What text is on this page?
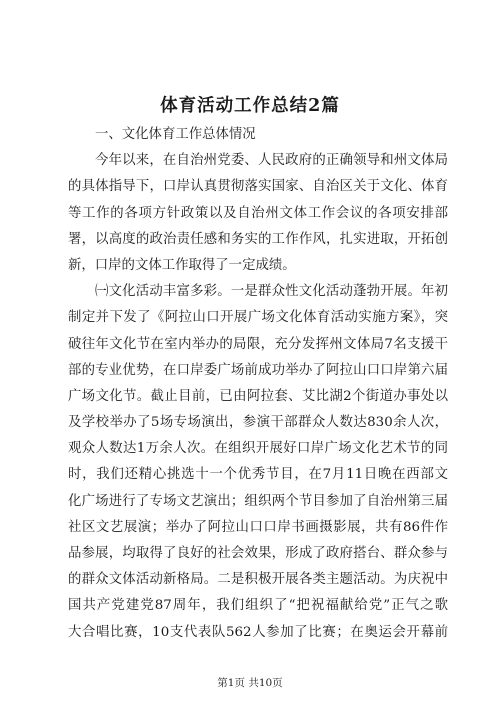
体育活动工作总结2篇
一、文化体育工作总体情况
今年以来，在自治州党委、人民政府的正确领导和州文体局
的具体指导下，口岸认真贯彻落实国家、自治区关于文化、体育
等工作的各项方针政策以及自治州文体工作会议的各项安排部
署，以高度的政治责任感和务实的工作作风，扎实进取，开拓创
新，口岸的文体工作取得了一定成绩。
㈠文化活动丰富多彩。一是群众性文化活动蓬勃开展。年初
制定并下发了《阿拉山口开展广场文化体育活动实施方案》，突
破往年文化节在室内举办的局限，充分发挥州文体局7名支援干
部的专业优势，在口岸委广场前成功举办了阿拉山口口岸第六届
广场文化节。截止目前，已由阿拉套、艾比湖2个街道办事处以
及学校举办了5场专场演出，参演干部群众人数达830余人次，
观众人数达1万余人次。在组织开展好口岸广场文化艺术节的同
时，我们还精心挑选十一个优秀节目，在7月11日晚在西部文
化广场进行了专场文艺演出；组织两个节目参加了自治州第三届
社区文艺展演；举办了阿拉山口口岸书画摄影展，共有86件作
品参展，均取得了良好的社会效果，形成了政府搭台、群众参与
的群众文体活动新格局。二是积极开展各类主题活动。为庆祝中
国共产党建党87周年，我们组织了“把祝福献给党”正气之歌
大合唱比赛，10支代表队562人参加了比赛；在奥运会开幕前
第1页 共10页
